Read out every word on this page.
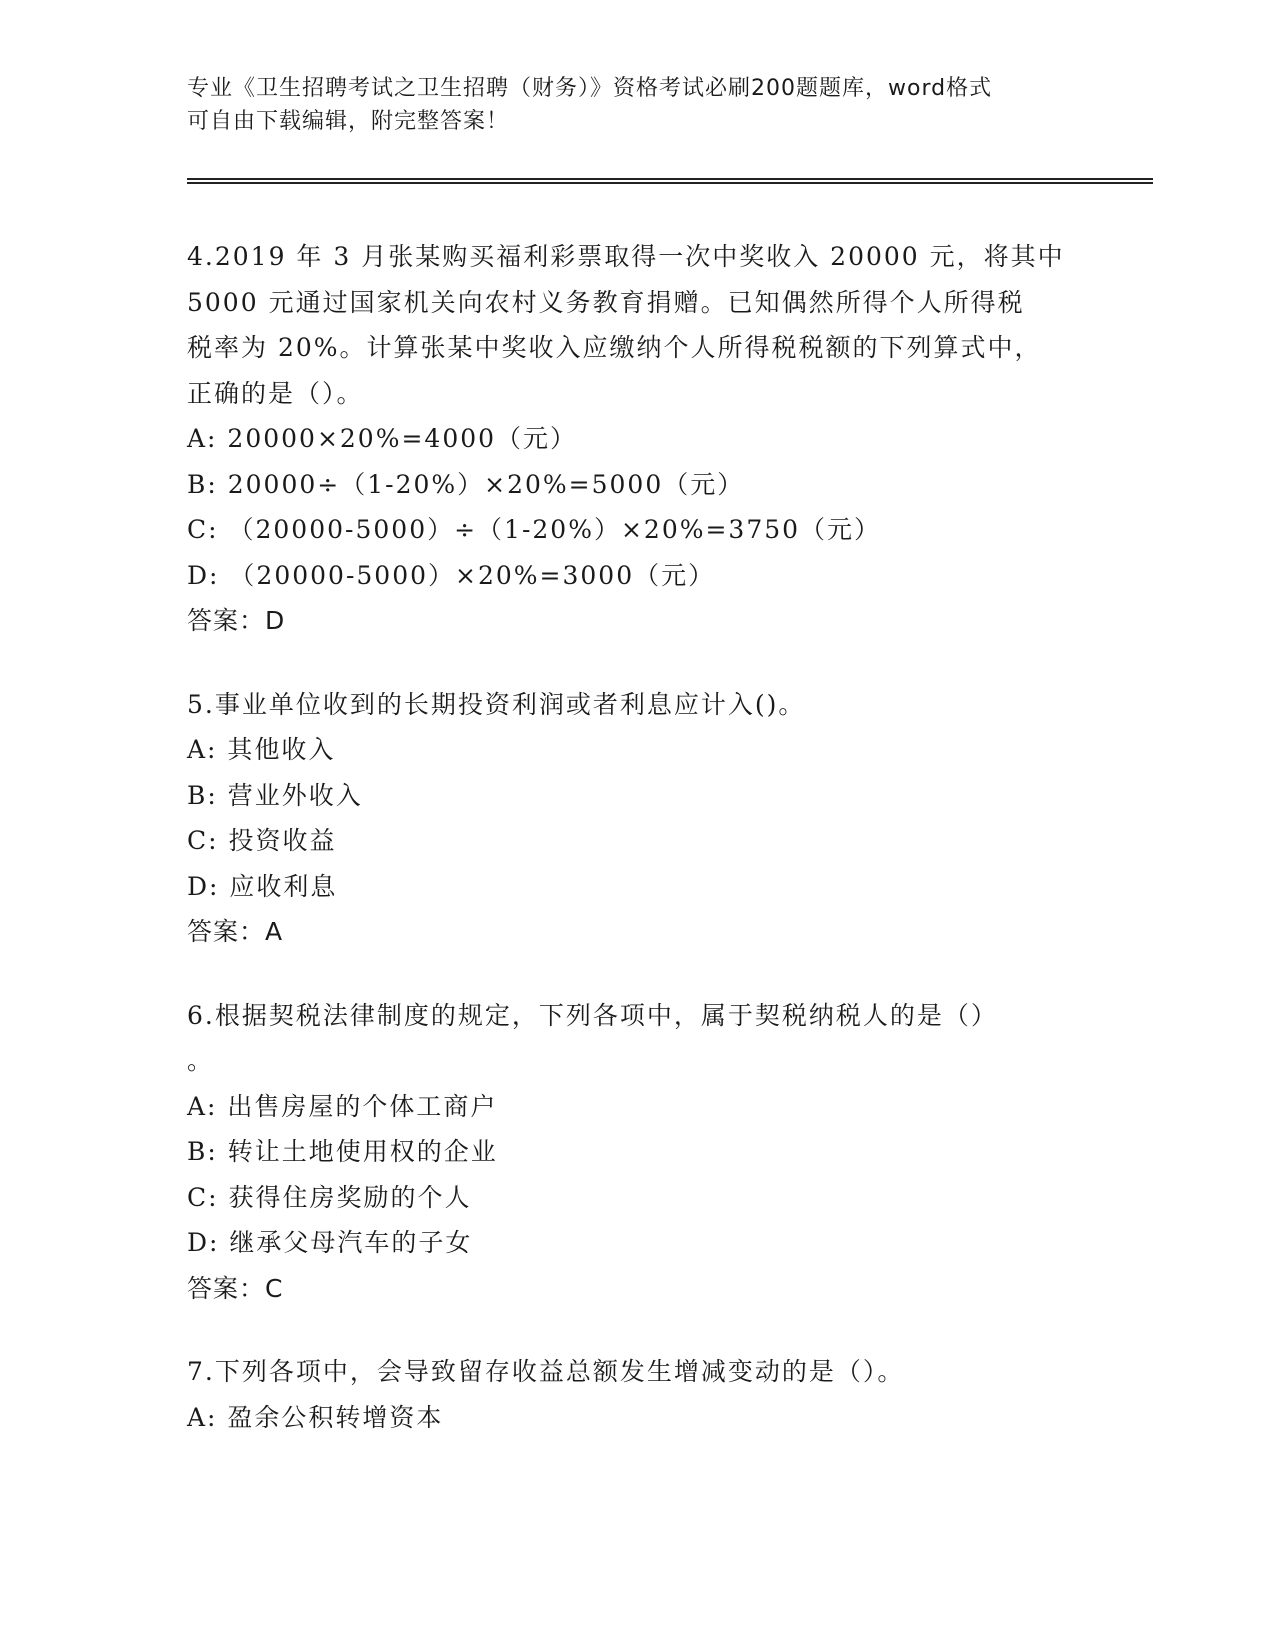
专业《卫生招聘考试之卫生招聘（财务）》资格考试必刷200题题库，word格式
可自由下载编辑，附完整答案！

4.2019 年 3 月张某购买福利彩票取得一次中奖收入 20000 元，将其中

5000 元通过国家机关向农村义务教育捐赠。已知偶然所得个人所得税

税率为 20%。计算张某中奖收入应缴纳个人所得税税额的下列算式中，

正确的是（）。

A: 20000×20%=4000（元）

B: 20000÷（1-20%）×20%=5000（元）

C: （20000-5000）÷（1-20%）×20%=3750（元）

D: （20000-5000）×20%=3000（元）

答案：D

5.事业单位收到的长期投资利润或者利息应计入()。

A: 其他收入

B: 营业外收入

C: 投资收益

D: 应收利息

答案：A

6.根据契税法律制度的规定，下列各项中，属于契税纳税人的是（）

。

A: 出售房屋的个体工商户

B: 转让土地使用权的企业

C: 获得住房奖励的个人

D: 继承父母汽车的子女

答案：C

7.下列各项中，会导致留存收益总额发生增减变动的是（）。

A: 盈余公积转增资本
